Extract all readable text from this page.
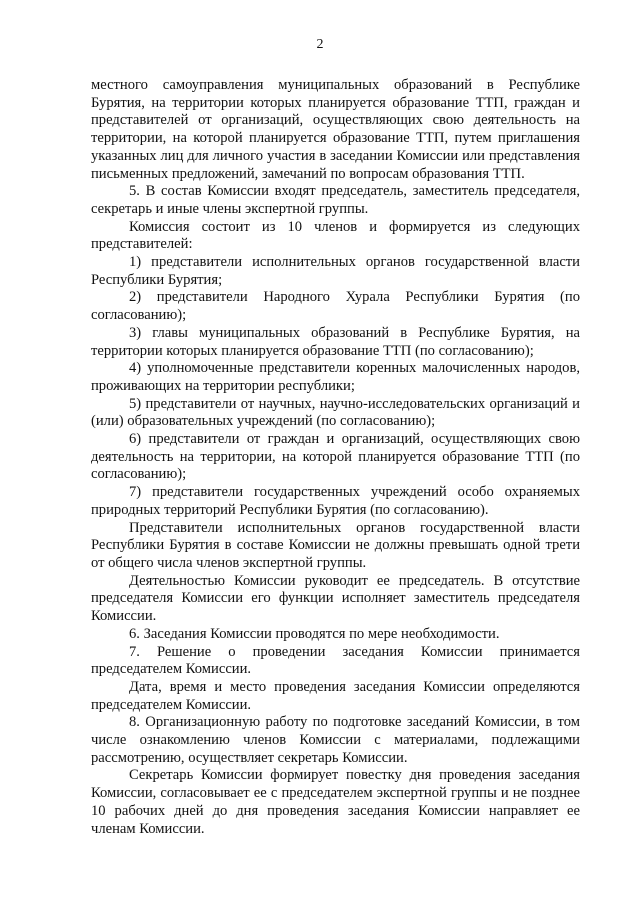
2

местного самоуправления муниципальных образований в Республике Бурятия, на территории которых планируется образование ТТП, граждан и представителей от организаций, осуществляющих свою деятельность на территории, на которой планируется образование ТТП, путем приглашения указанных лиц для личного участия в заседании Комиссии или представления письменных предложений, замечаний по вопросам образования ТТП.

5. В состав Комиссии входят председатель, заместитель председателя, секретарь и иные члены экспертной группы.

Комиссия состоит из 10 членов и формируется из следующих представителей:

1) представители исполнительных органов государственной власти Республики Бурятия;

2) представители Народного Хурала Республики Бурятия (по согласованию);

3) главы муниципальных образований в Республике Бурятия, на территории которых планируется образование ТТП (по согласованию);

4) уполномоченные представители коренных малочисленных народов, проживающих на территории республики;

5) представители от научных, научно-исследовательских организаций и (или) образовательных учреждений (по согласованию);

6) представители от граждан и организаций, осуществляющих свою деятельность на территории, на которой планируется образование ТТП (по согласованию);

7) представители государственных учреждений особо охраняемых природных территорий Республики Бурятия (по согласованию).

Представители исполнительных органов государственной власти Республики Бурятия в составе Комиссии не должны превышать одной трети от общего числа членов экспертной группы.

Деятельностью Комиссии руководит ее председатель. В отсутствие председателя Комиссии его функции исполняет заместитель председателя Комиссии.

6. Заседания Комиссии проводятся по мере необходимости.

7. Решение о проведении заседания Комиссии принимается председателем Комиссии.

Дата, время и место проведения заседания Комиссии определяются председателем Комиссии.

8. Организационную работу по подготовке заседаний Комиссии, в том числе ознакомлению членов Комиссии с материалами, подлежащими рассмотрению, осуществляет секретарь Комиссии.

Секретарь Комиссии формирует повестку дня проведения заседания Комиссии, согласовывает ее с председателем экспертной группы и не позднее 10 рабочих дней до дня проведения заседания Комиссии направляет ее членам Комиссии.
